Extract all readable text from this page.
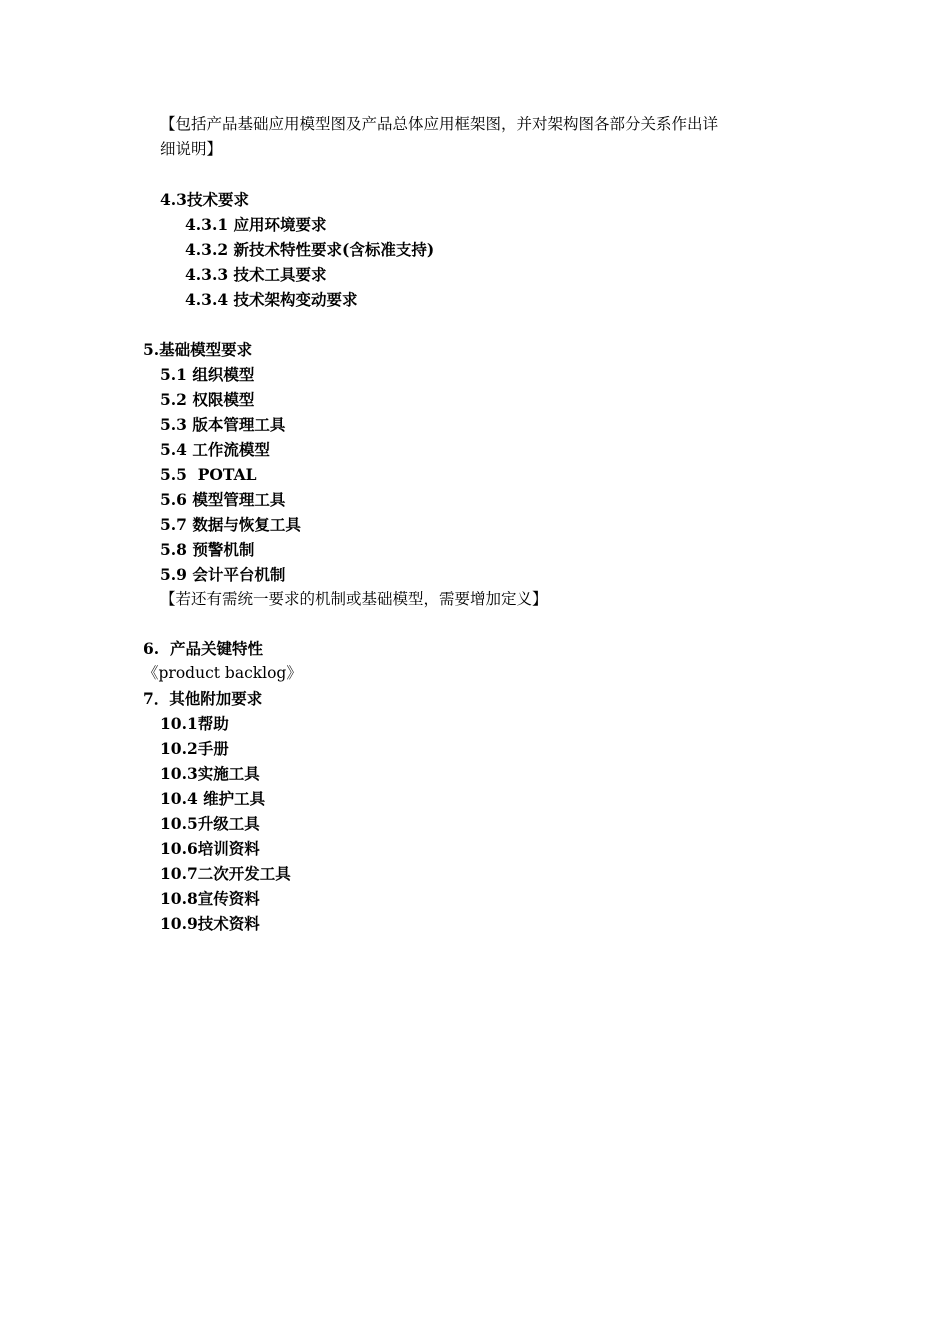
【包括产品基础应用模型图及产品总体应用框架图，并对架构图各部分关系作出详
细说明】
4.3技术要求
4.3.1 应用环境要求
4.3.2 新技术特性要求(含标准支持)
4.3.3 技术工具要求
4.3.4 技术架构变动要求
5.基础模型要求
5.1 组织模型
5.2 权限模型
5.3 版本管理工具
5.4 工作流模型
5.5  POTAL
5.6 模型管理工具
5.7 数据与恢复工具
5.8 预警机制
5.9 会计平台机制
【若还有需统一要求的机制或基础模型，需要增加定义】
6.  产品关键特性
《product backlog》
7．其他附加要求
10.1帮助
10.2手册
10.3实施工具
10.4 维护工具
10.5升级工具
10.6培训资料
10.7二次开发工具
10.8宣传资料
10.9技术资料
